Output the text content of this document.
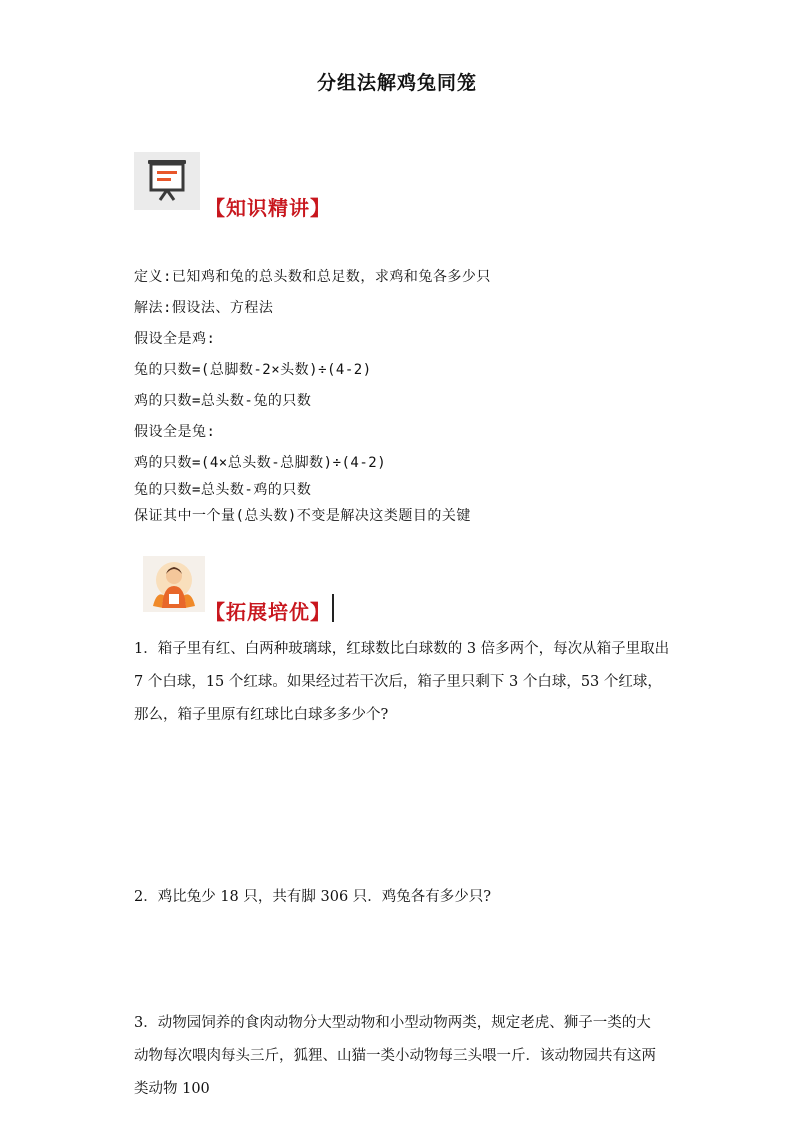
分组法解鸡兔同笼
【知识精讲】
定义:已知鸡和兔的总头数和总足数，求鸡和兔各多少只
解法:假设法、方程法
假设全是鸡:
兔的只数=(总脚数-2×头数)÷(4-2)
鸡的只数=总头数-兔的只数
假设全是兔:
鸡的只数=(4×总头数-总脚数)÷(4-2)
兔的只数=总头数-鸡的只数
保证其中一个量(总头数)不变是解决这类题目的关键
【拓展培优】
1．箱子里有红、白两种玻璃球，红球数比白球数的 3 倍多两个，每次从箱子里取出 7 个白球，15 个红球。如果经过若干次后，箱子里只剩下 3 个白球，53 个红球，那么，箱子里原有红球比白球多多少个?
2．鸡比兔少 18 只，共有脚 306 只．鸡兔各有多少只?
3．动物园饲养的食肉动物分大型动物和小型动物两类，规定老虎、狮子一类的大动物每次喂肉每头三斤，狐狸、山猫一类小动物每三头喂一斤．该动物园共有这两类动物 100
